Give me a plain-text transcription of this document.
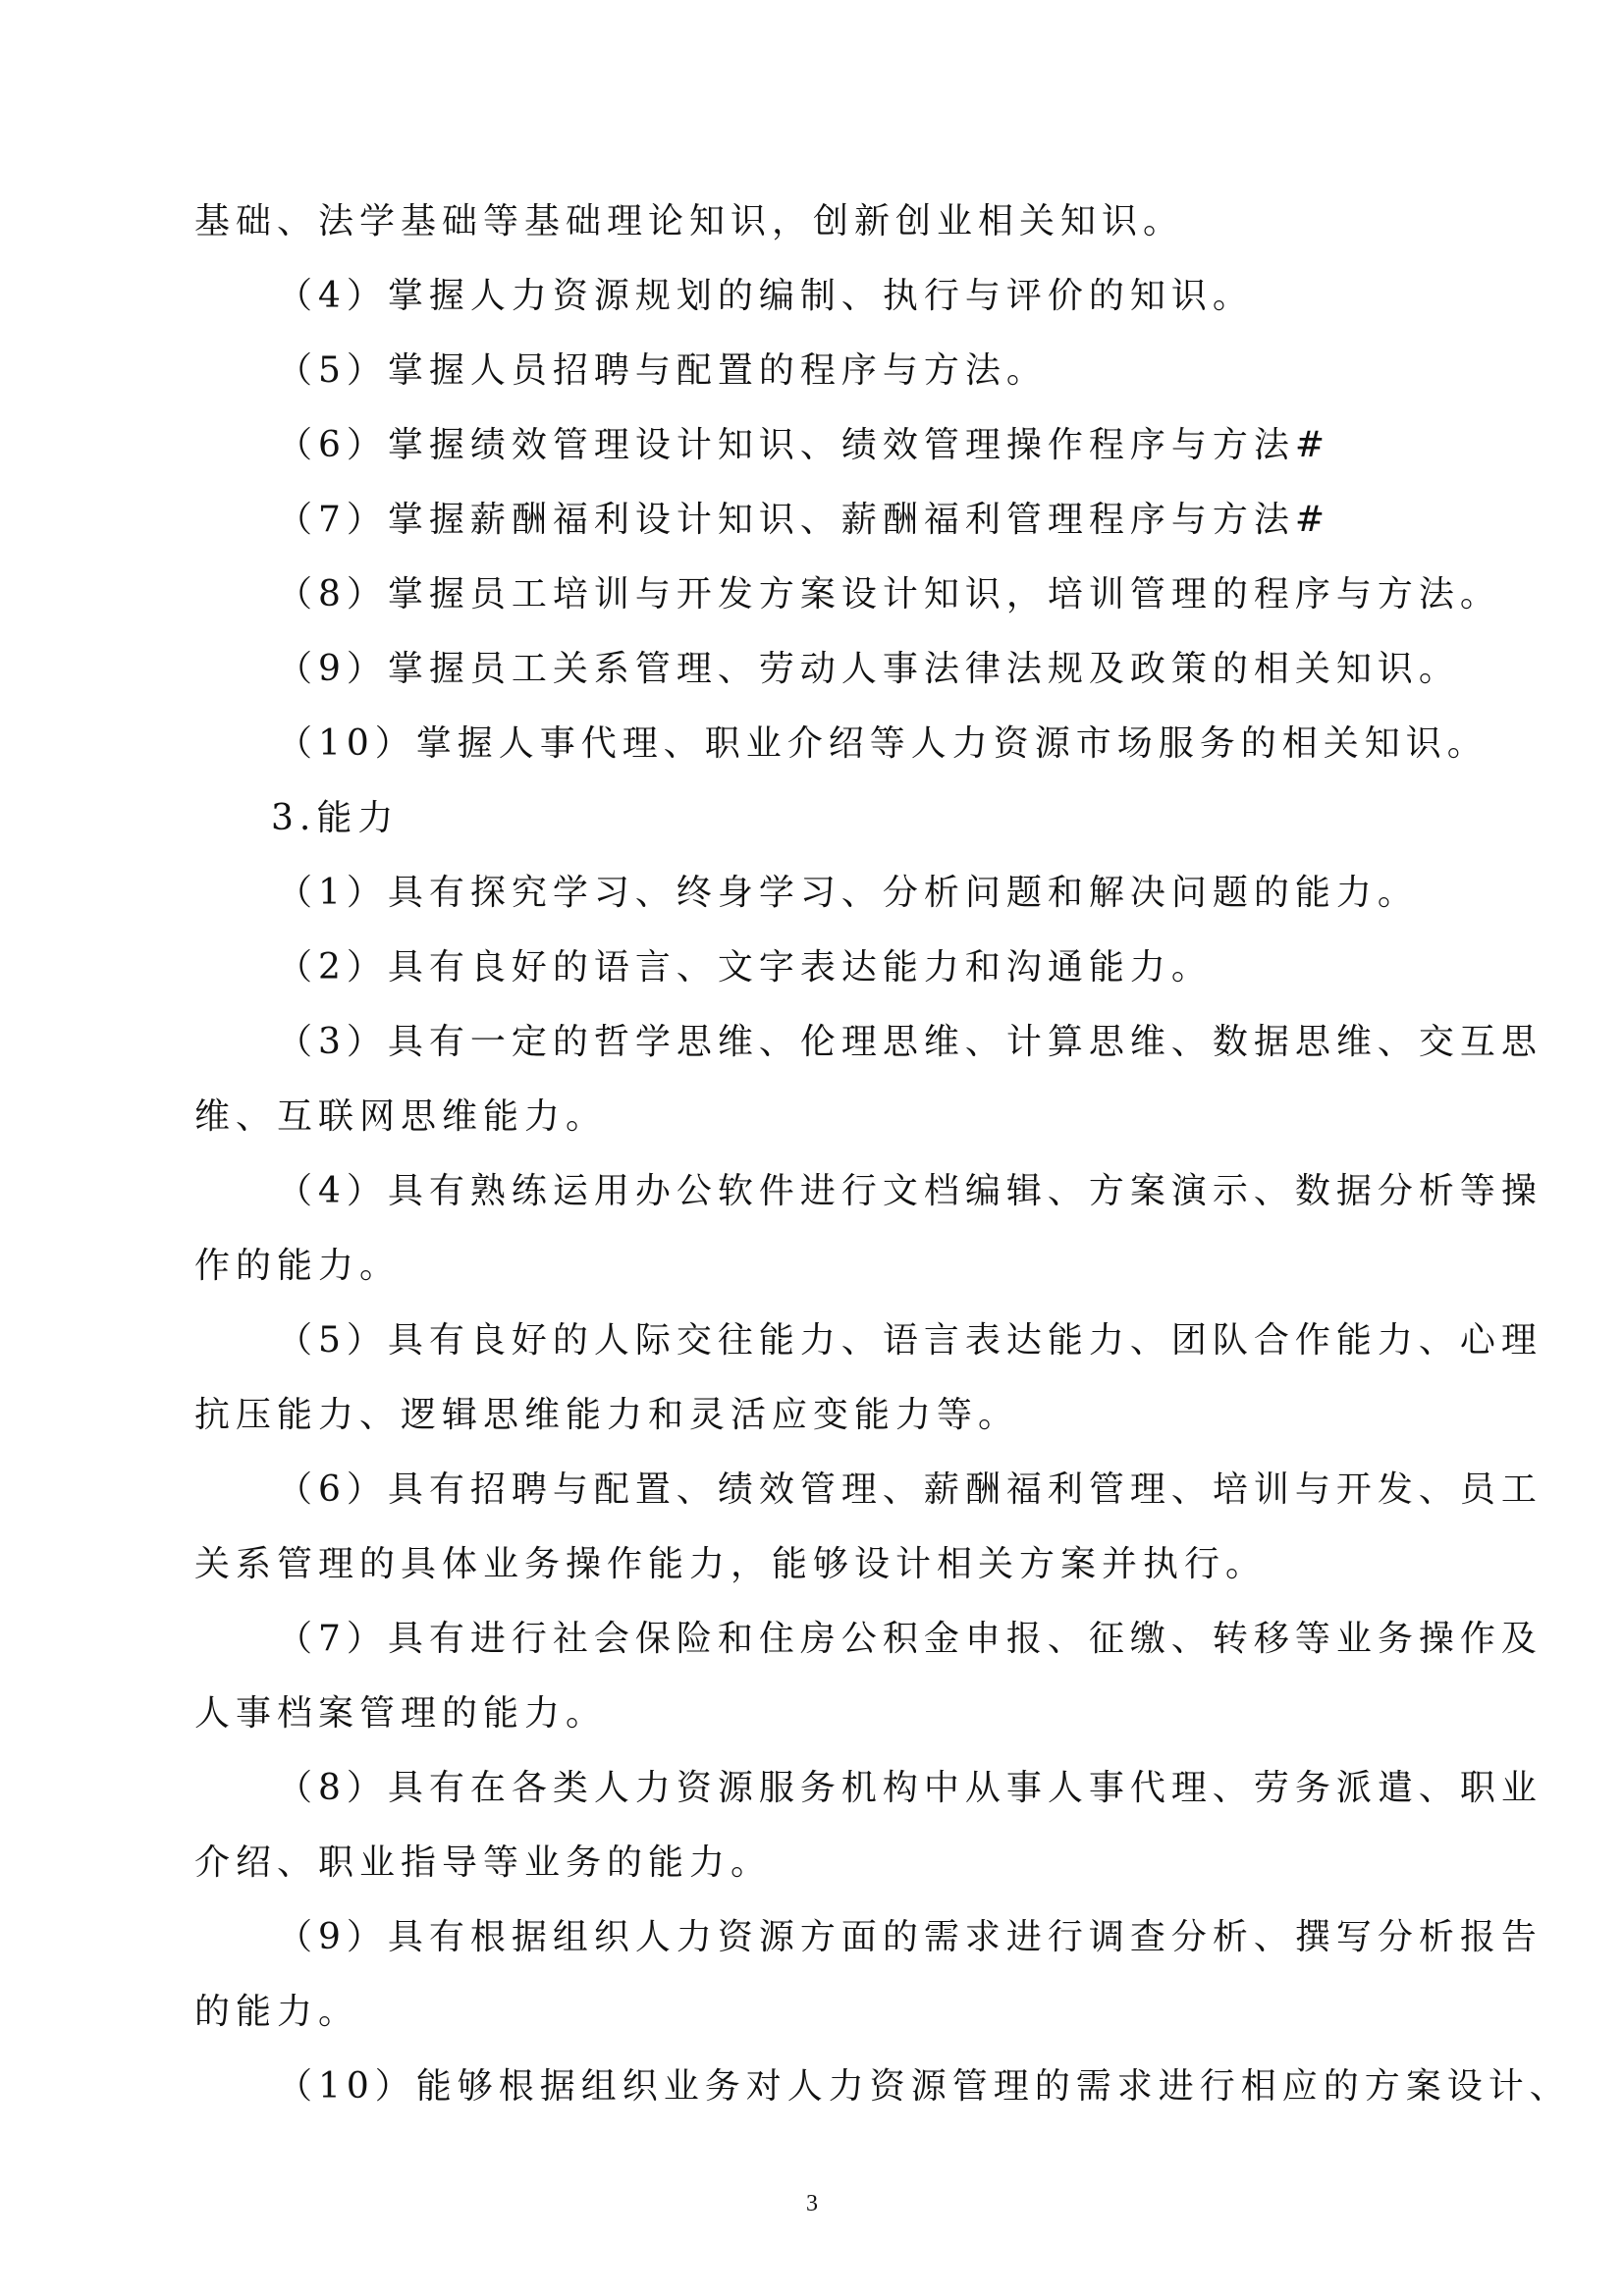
基础、法学基础等基础理论知识，创新创业相关知识。
（4）掌握人力资源规划的编制、执行与评价的知识。
（5）掌握人员招聘与配置的程序与方法。
（6）掌握绩效管理设计知识、绩效管理操作程序与方法#
（7）掌握薪酬福利设计知识、薪酬福利管理程序与方法#
（8）掌握员工培训与开发方案设计知识，培训管理的程序与方法。
（9）掌握员工关系管理、劳动人事法律法规及政策的相关知识。
（10）掌握人事代理、职业介绍等人力资源市场服务的相关知识。
3.能力
（1）具有探究学习、终身学习、分析问题和解决问题的能力。
（2）具有良好的语言、文字表达能力和沟通能力。
（3）具有一定的哲学思维、伦理思维、计算思维、数据思维、交互思
维、互联网思维能力。
（4）具有熟练运用办公软件进行文档编辑、方案演示、数据分析等操
作的能力。
（5）具有良好的人际交往能力、语言表达能力、团队合作能力、心理
抗压能力、逻辑思维能力和灵活应变能力等。
（6）具有招聘与配置、绩效管理、薪酬福利管理、培训与开发、员工
关系管理的具体业务操作能力，能够设计相关方案并执行。
（7）具有进行社会保险和住房公积金申报、征缴、转移等业务操作及
人事档案管理的能力。
（8）具有在各类人力资源服务机构中从事人事代理、劳务派遣、职业
介绍、职业指导等业务的能力。
（9）具有根据组织人力资源方面的需求进行调查分析、撰写分析报告
的能力。
（10）能够根据组织业务对人力资源管理的需求进行相应的方案设计、
3
